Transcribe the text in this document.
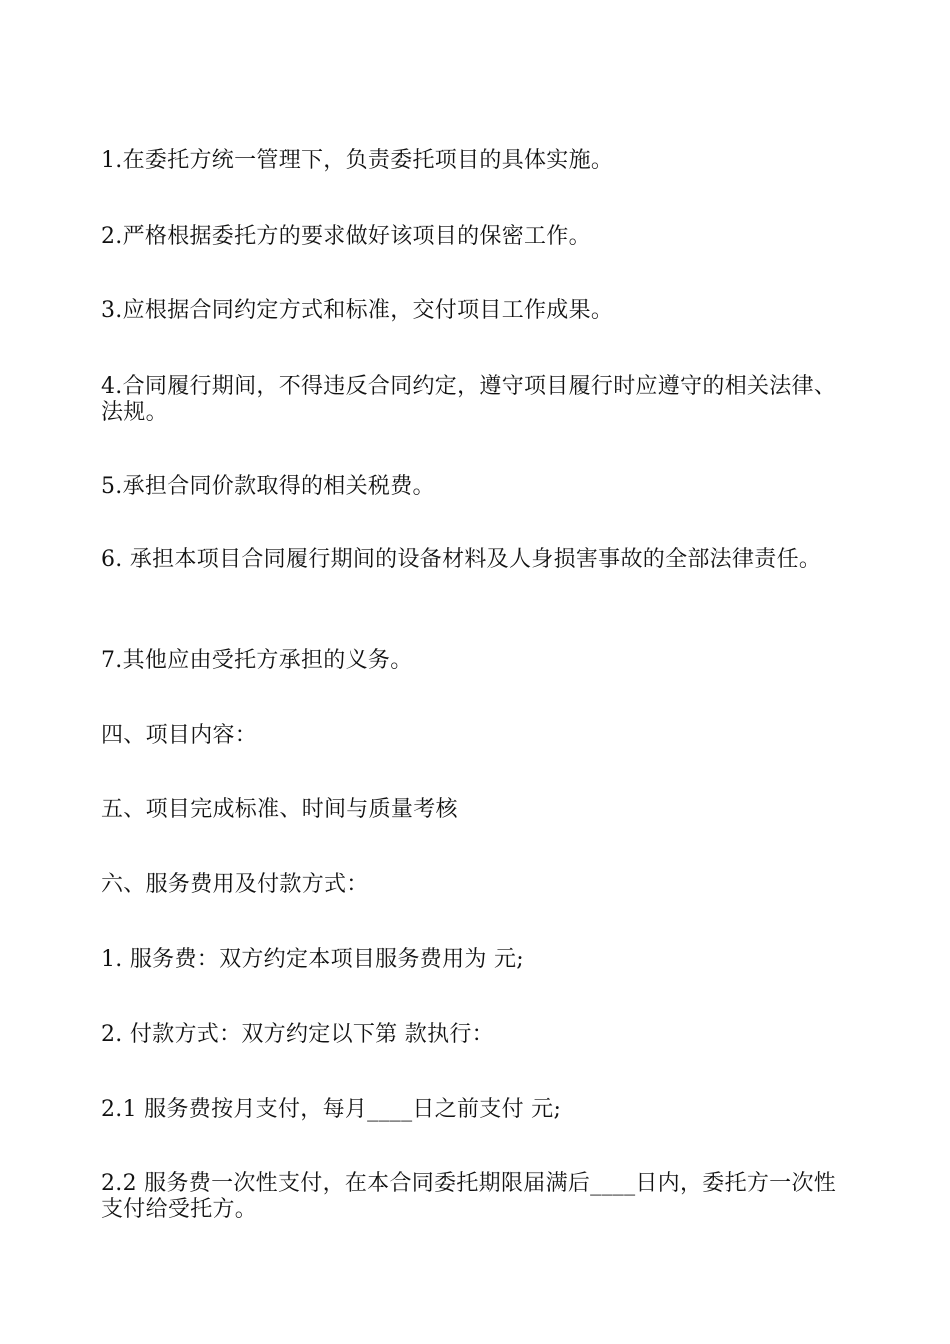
1.在委托方统一管理下，负责委托项目的具体实施。

2.严格根据委托方的要求做好该项目的保密工作。

3.应根据合同约定方式和标准，交付项目工作成果。

4.合同履行期间，不得违反合同约定，遵守项目履行时应遵守的相关法律、法规。

5.承担合同价款取得的相关税费。

6. 承担本项目合同履行期间的设备材料及人身损害事故的全部法律责任。

7.其他应由受托方承担的义务。

四、项目内容：

五、项目完成标准、时间与质量考核

六、服务费用及付款方式：

1. 服务费：双方约定本项目服务费用为 元;

2. 付款方式：双方约定以下第 款执行：

2.1 服务费按月支付，每月____日之前支付 元;

2.2 服务费一次性支付，在本合同委托期限届满后____日内，委托方一次性支付给受托方。
